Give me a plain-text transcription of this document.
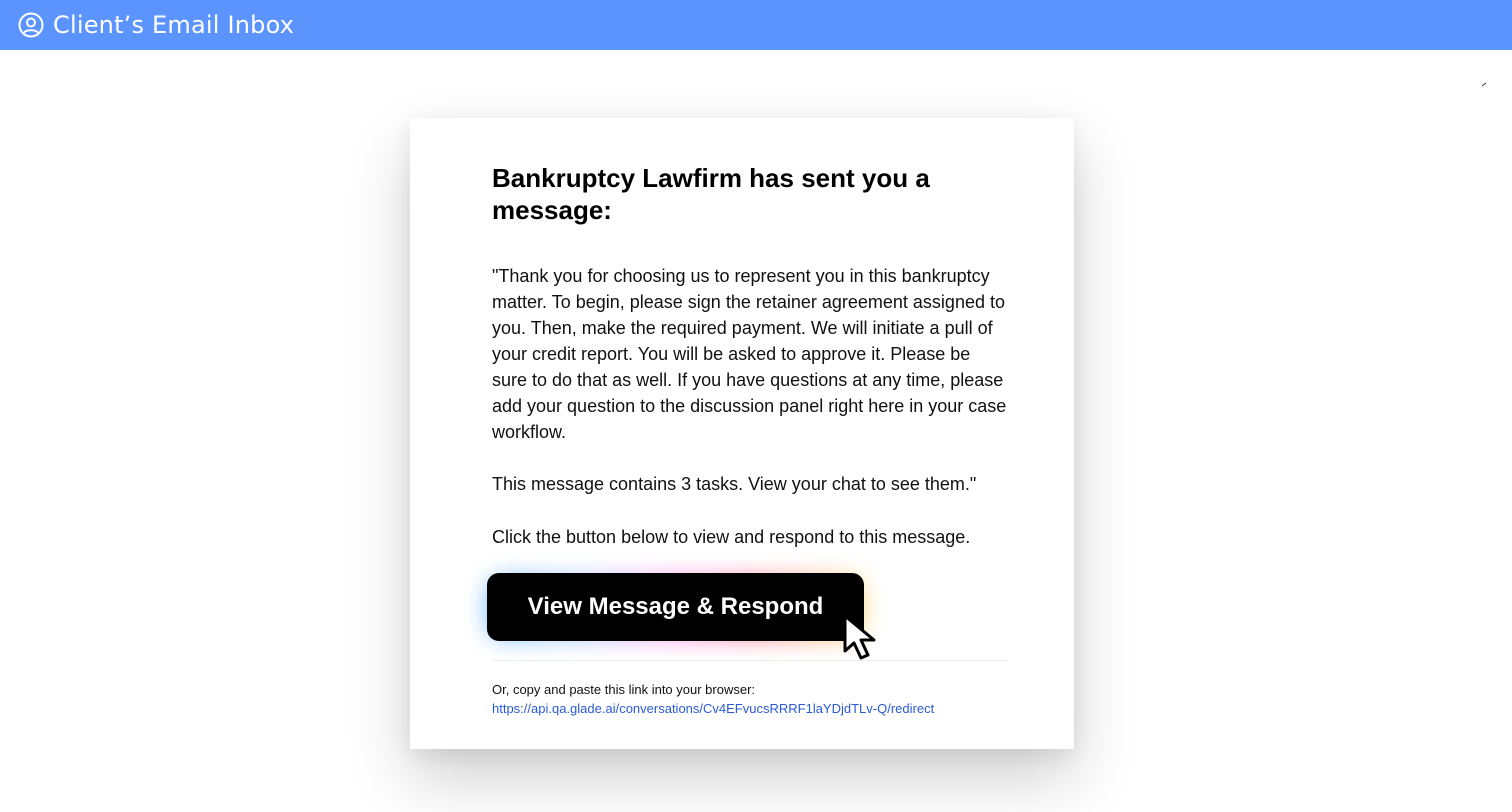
Client’s Email Inbox
Bankruptcy Lawfirm has sent you a message:

"Thank you for choosing us to represent you in this bankruptcy matter. To begin, please sign the retainer agreement assigned to you. Then, make the required payment. We will initiate a pull of your credit report. You will be asked to approve it. Please be sure to do that as well. If you have questions at any time, please add your question to the discussion panel right here in your case workflow.

This message contains 3 tasks. View your chat to see them."

Click the button below to view and respond to this message.

View Message & Respond
Or, copy and paste this link into your browser: https://api.qa.glade.ai/conversations/Cv4EFvucsRRRF1laYDjdTLv-Q/redirect
